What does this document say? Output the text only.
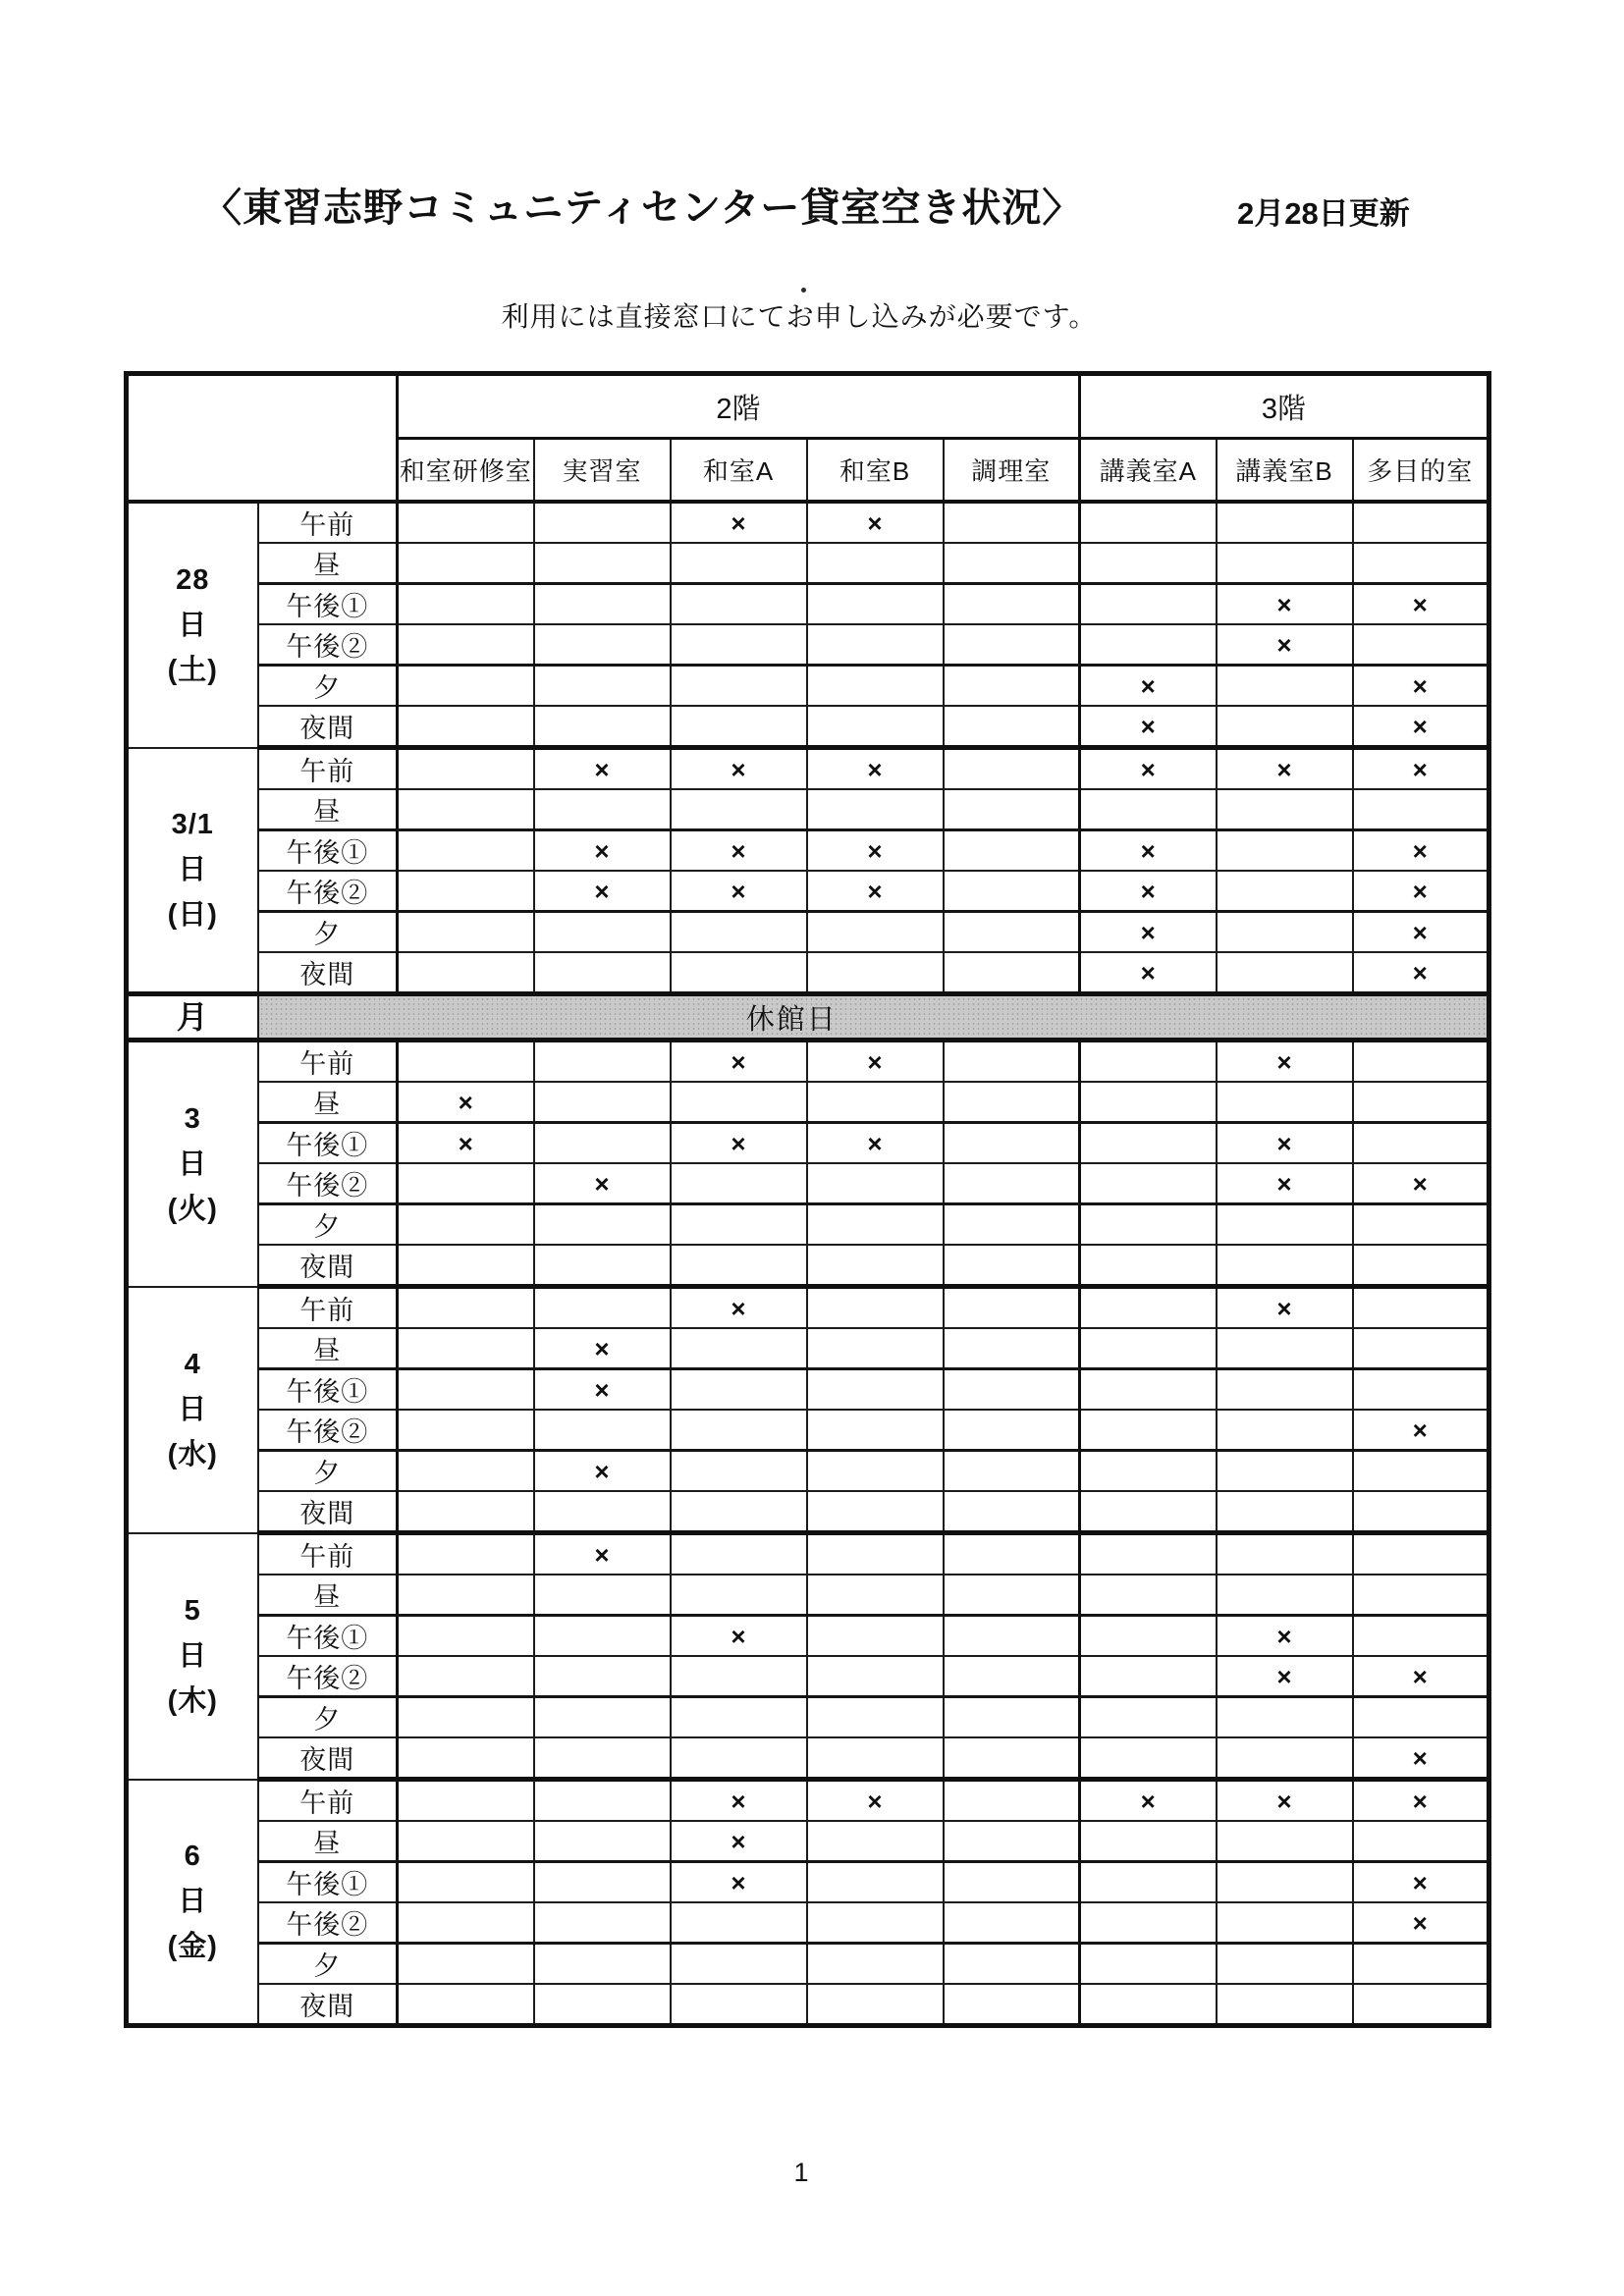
〈東習志野コミュニティセンター貸室空き状況〉	2月28日更新
利用には直接窓口にてお申し込みが必要です。
		2階					3階		
		和室研修室	実習室	和室A	和室B	調理室	講義室A	講義室B	多目的室
28
日
(土)	午前			×	×				
	昼								
	午後①							×	×
	午後②							×	
	夕						×		×
	夜間						×		×
3/1
日
(日)	午前		×	×	×		×	×	×
	昼								
	午後①		×	×	×		×		×
	午後②		×	×	×		×		×
	夕						×		×
	夜間						×		×
月	休館日								
3
日
(火)	午前			×	×			×	
	昼	×							
	午後①	×		×	×			×	
	午後②		×					×	×
	夕								
	夜間								
4
日
(水)	午前			×				×	
	昼		×						
	午後①		×						
	午後②								×
	夕		×						
	夜間								
5
日
(木)	午前		×						
	昼								
	午後①			×				×	
	午後②							×	×
	夕								
	夜間								×
6
日
(金)	午前			×	×		×	×	×
	昼			×					
	午後①			×					×
	午後②								×
	夕								
	夜間								
1
